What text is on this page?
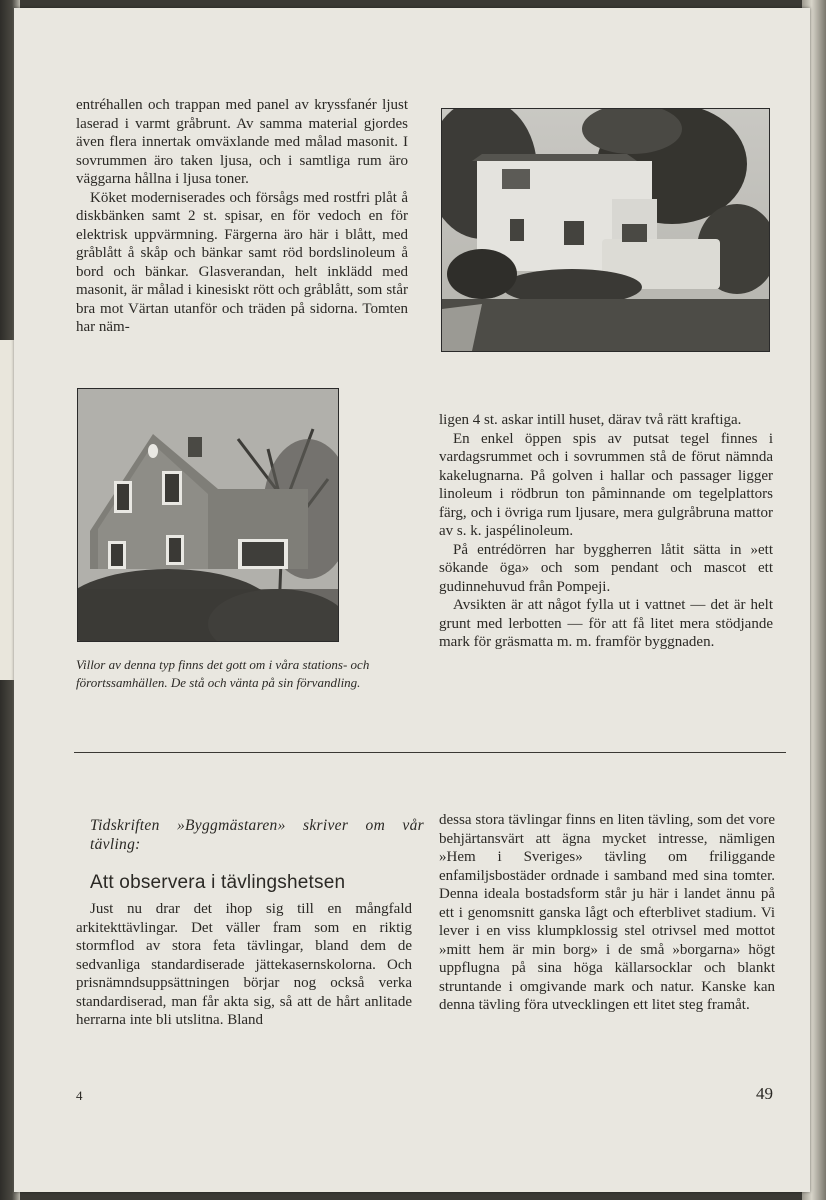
entréhallen och trappan med panel av kryssfanér ljust laserad i varmt gråbrunt. Av samma material gjordes även flera innertak omväxlande med målad masonit. I sovrummen äro taken ljusa, och i samtliga rum äro väggarna hållna i ljusa toner.

Köket moderniserades och försågs med rostfri plåt å diskbänken samt 2 st. spisar, en för vedoch en för elektrisk uppvärmning. Färgerna äro här i blått, med gråblått å skåp och bänkar samt röd bordslinoleum å bord och bänkar. Glasverandan, helt inklädd med masonit, är målad i kinesiskt rött och gråblått, som står bra mot Värtan utanför och träden på sidorna. Tomten har näm-

Villor av denna typ finns det gott om i våra stations- och förortssamhällen. De stå och vänta på sin förvandling.

ligen 4 st. askar intill huset, därav två rätt kraftiga.

En enkel öppen spis av putsat tegel finnes i vardagsrummet och i sovrummen stå de förut nämnda kakelugnarna. På golven i hallar och passager ligger linoleum i rödbrun ton påminnande om tegelplattors färg, och i övriga rum ljusare, mera gulgråbruna mattor av s. k. jaspélinoleum.

På entrédörren har byggherren låtit sätta in »ett sökande öga» och som pendant och mascot ett gudinnehuvud från Pompeji.

Avsikten är att något fylla ut i vattnet — det är helt grunt med lerbotten — för att få litet mera stödjande mark för gräsmatta m. m. framför byggnaden.

Tidskriften »Byggmästaren» skriver om vår tävling:
Att observera i tävlingshetsen

Just nu drar det ihop sig till en mångfald arkitekttävlingar. Det väller fram som en riktig stormflod av stora feta tävlingar, bland dem de sedvanliga standardiserade jättekasernskolorna. Och prisnämndsuppsättningen börjar nog också verka standardiserad, man får akta sig, så att de hårt anlitade herrarna inte bli utslitna. Bland

dessa stora tävlingar finns en liten tävling, som det vore behjärtansvärt att ägna mycket intresse, nämligen »Hem i Sveriges» tävling om friliggande enfamiljsbostäder ordnade i samband med sina tomter. Denna ideala bostadsform står ju här i landet ännu på ett i genomsnitt ganska lågt och efterblivet stadium. Vi lever i en viss klumpklossig stel otrivsel med mottot »mitt hem är min borg» i de små »borgarna» högt uppflugna på sina höga källarsocklar och blankt struntande i omgivande mark och natur. Kanske kan denna tävling föra utvecklingen ett litet steg framåt.

4	49
